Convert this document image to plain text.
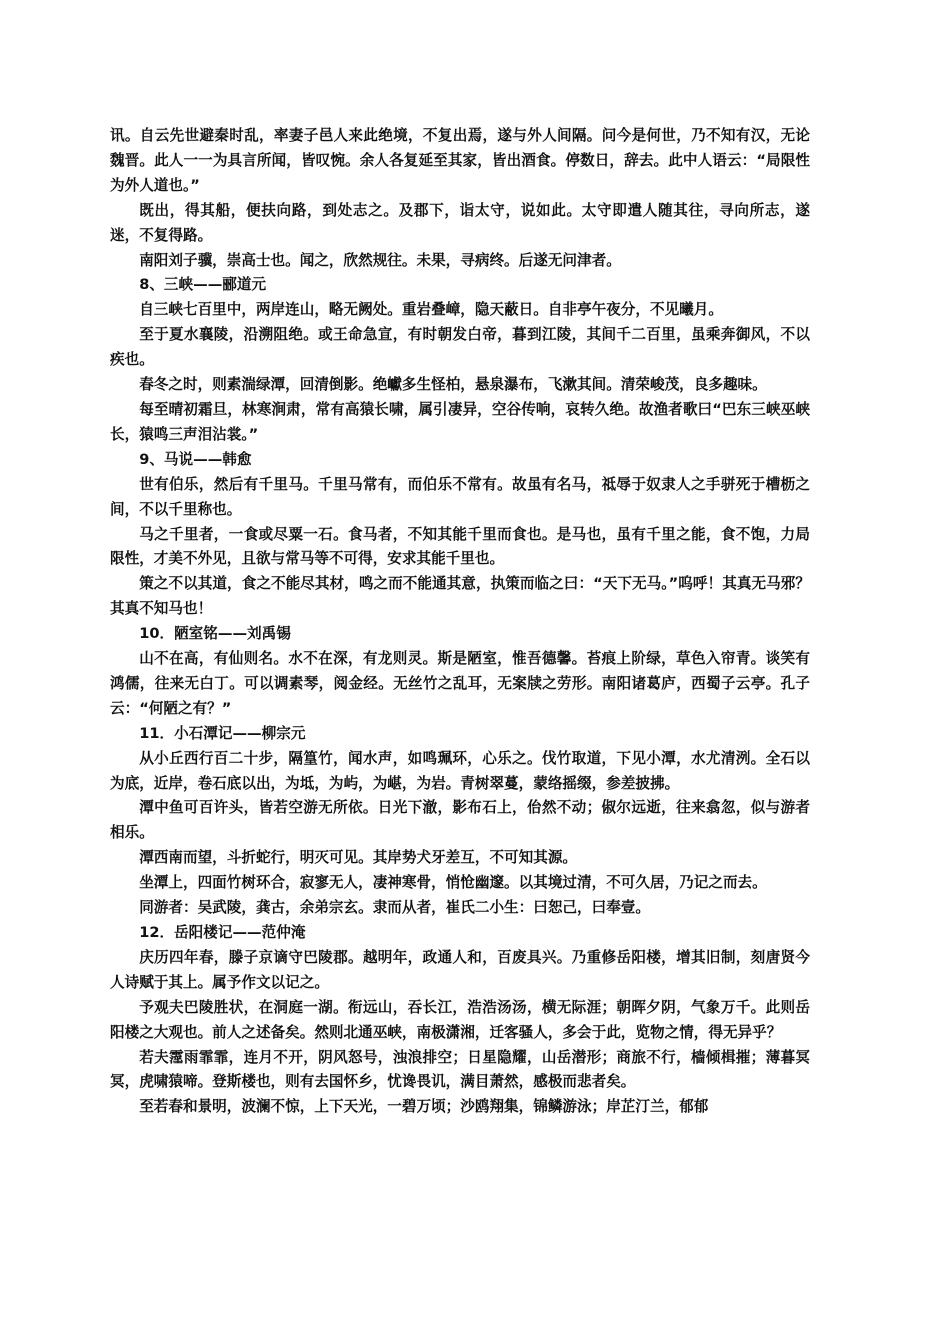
讯。自云先世避秦时乱，率妻子邑人来此绝境，不复出焉，遂与外人间隔。问今是何世，乃不知有汉，无论魏晋。此人一一为具言所闻，皆叹惋。余人各复延至其家，皆出酒食。停数日，辞去。此中人语云：“局限性为外人道也。”

既出，得其船，便扶向路，到处志之。及郡下，诣太守，说如此。太守即遣人随其往，寻向所志，遂迷，不复得路。

南阳刘子骥，崇高士也。闻之，欣然规往。未果，寻病终。后遂无问津者。

8、三峡——郦道元

自三峡七百里中，两岸连山，略无阙处。重岩叠嶂，隐天蔽日。自非亭午夜分，不见曦月。

至于夏水襄陵，沿溯阻绝。或王命急宣，有时朝发白帝，暮到江陵，其间千二百里，虽乘奔御风，不以疾也。

春冬之时，则素湍绿潭，回清倒影。绝巘多生怪柏，悬泉瀑布，飞漱其间。清荣峻茂，良多趣味。

每至晴初霜旦，林寒涧肃，常有高猿长啸，属引凄异，空谷传响，哀转久绝。故渔者歌曰“巴东三峡巫峡长，猿鸣三声泪沾裳。”

9、马说——韩愈

世有伯乐，然后有千里马。千里马常有，而伯乐不常有。故虽有名马，祗辱于奴隶人之手骈死于槽枥之间，不以千里称也。

马之千里者，一食或尽粟一石。食马者，不知其能千里而食也。是马也，虽有千里之能，食不饱，力局限性，才美不外见，且欲与常马等不可得，安求其能千里也。

策之不以其道，食之不能尽其材，鸣之而不能通其意，执策而临之曰：“天下无马。”呜呼！其真无马邪？其真不知马也！

10．陋室铭——刘禹锡

山不在高，有仙则名。水不在深，有龙则灵。斯是陋室，惟吾德馨。苔痕上阶绿，草色入帘青。谈笑有鸿儒，往来无白丁。可以调素琴，阅金经。无丝竹之乱耳，无案牍之劳形。南阳诸葛庐，西蜀子云亭。孔子云：“何陋之有？”

11．小石潭记——柳宗元

从小丘西行百二十步，隔篁竹，闻水声，如鸣珮环，心乐之。伐竹取道，下见小潭，水尤清洌。全石以为底，近岸，卷石底以出，为坻，为屿，为嵁，为岩。青树翠蔓，蒙络摇缀，参差披拂。

潭中鱼可百许头，皆若空游无所依。日光下澈，影布石上，佁然不动；俶尔远逝，往来翕忽，似与游者相乐。

潭西南而望，斗折蛇行，明灭可见。其岸势犬牙差互，不可知其源。

坐潭上，四面竹树环合，寂寥无人，凄神寒骨，悄怆幽邃。以其境过清，不可久居，乃记之而去。

同游者：吴武陵，龚古，余弟宗玄。隶而从者，崔氏二小生：曰恕己，曰奉壹。

12．岳阳楼记——范仲淹

庆历四年春，滕子京谪守巴陵郡。越明年，政通人和，百废具兴。乃重修岳阳楼，增其旧制，刻唐贤今人诗赋于其上。属予作文以记之。

予观夫巴陵胜状，在洞庭一湖。衔远山，吞长江，浩浩汤汤，横无际涯；朝晖夕阴，气象万千。此则岳阳楼之大观也。前人之述备矣。然则北通巫峡，南极潇湘，迁客骚人，多会于此，览物之情，得无异乎？

若夫霪雨霏霏，连月不开，阴风怒号，浊浪排空；日星隐耀，山岳潜形；商旅不行，樯倾楫摧；薄暮冥冥，虎啸猿啼。登斯楼也，则有去国怀乡，忧谗畏讥，满目萧然，感极而悲者矣。

至若春和景明，波澜不惊，上下天光，一碧万顷；沙鸥翔集，锦鳞游泳；岸芷汀兰，郁郁
